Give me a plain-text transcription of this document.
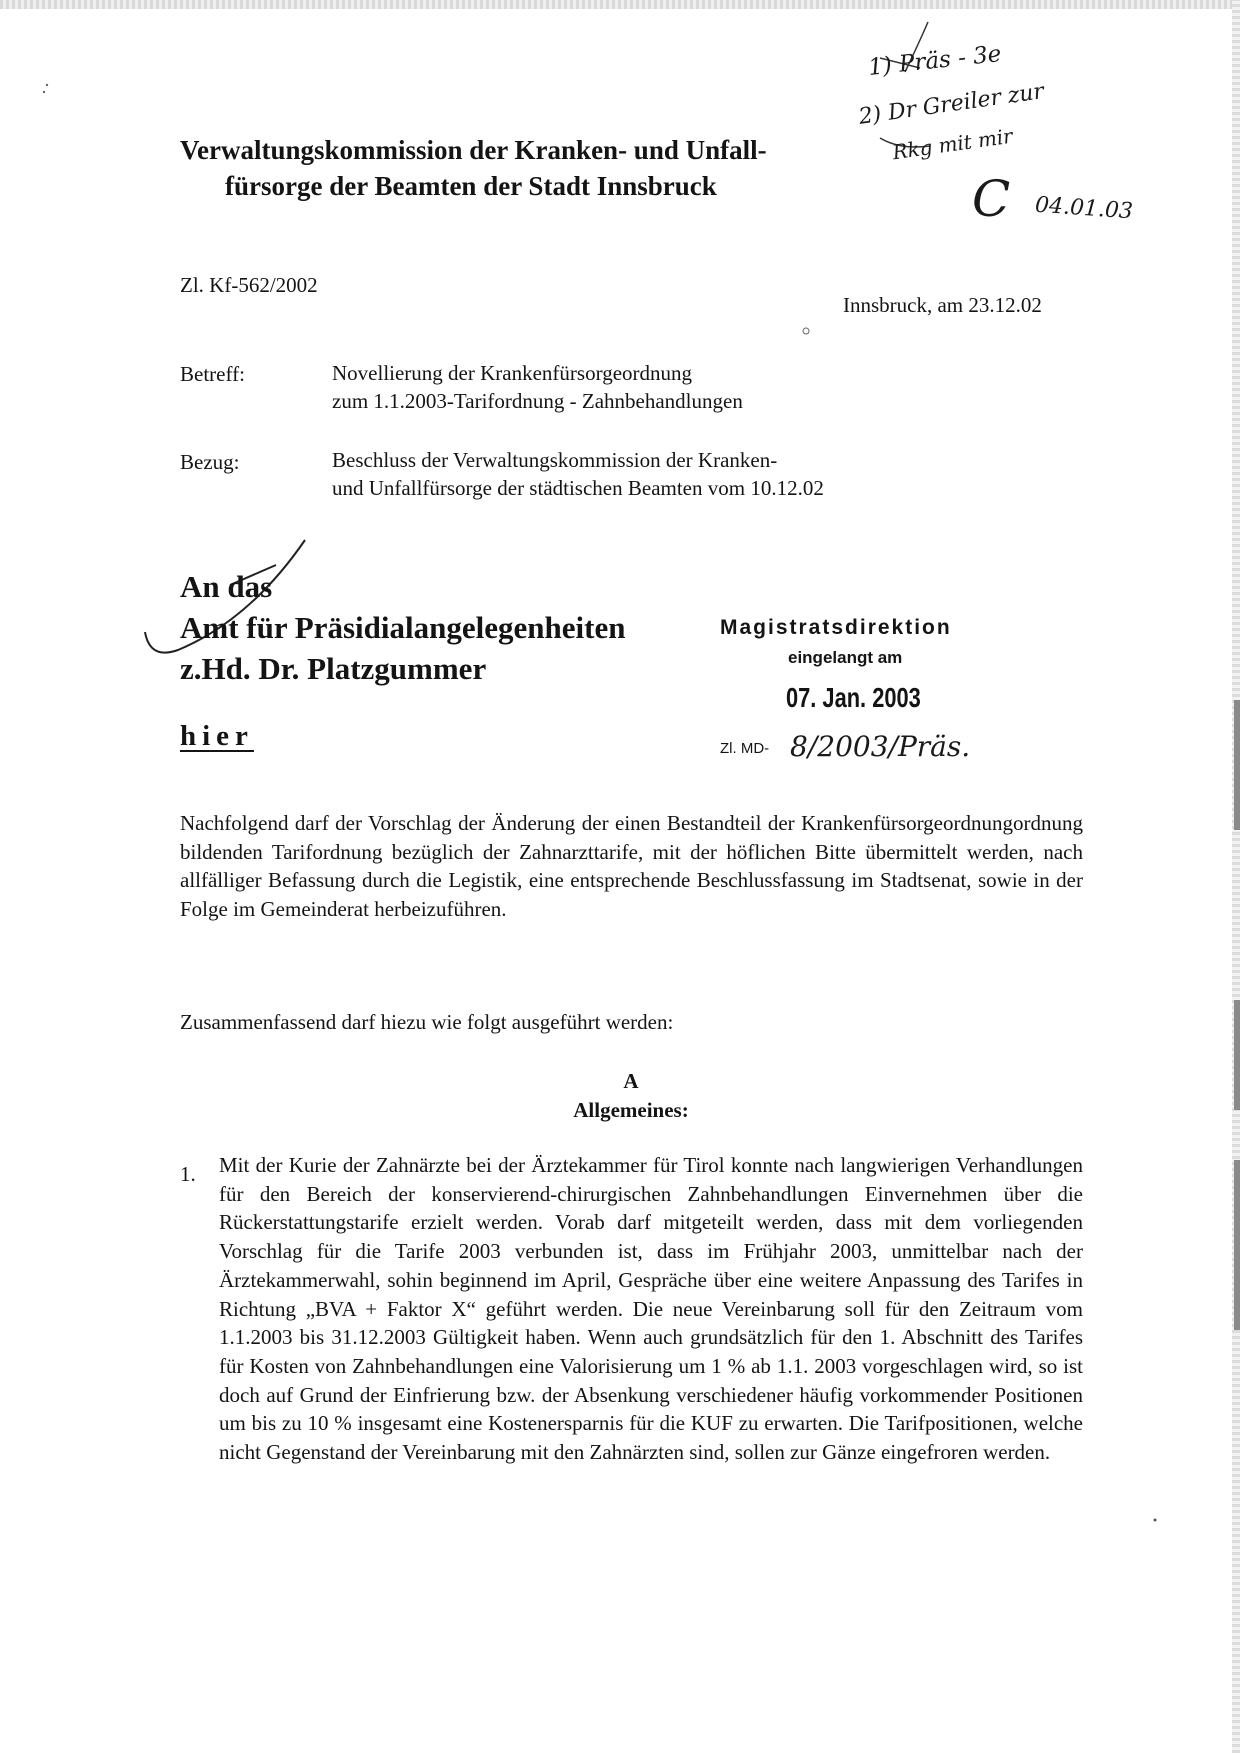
1) Präs - 3e
2) Dr Greiler zur
Rkg mit mir
C 04.01.03
Verwaltungskommission der Kranken- und Unfall-
fürsorge der Beamten der Stadt Innsbruck
Zl. Kf-562/2002
Innsbruck, am 23.12.02
Betreff:	Novellierung der Krankenfürsorgeordnung
zum 1.1.2003-Tarifordnung - Zahnbehandlungen
Bezug:	Beschluss der Verwaltungskommission der Kranken-
und Unfallfürsorge der städtischen Beamten vom 10.12.02
An das
Amt für Präsidialangelegenheiten
z.Hd. Dr. Platzgummer
hier
Magistratsdirektion
eingelangt am
07. Jan. 2003
Zl. MD- 8/2003/Präs.
Nachfolgend darf der Vorschlag der Änderung der einen Bestandteil der Krankenfürsorgeordnungordnung bildenden Tarifordnung bezüglich der Zahnarzttarife, mit der höflichen Bitte übermittelt werden, nach allfälliger Befassung durch die Legistik, eine entsprechende Beschlussfassung im Stadtsenat, sowie in der Folge im Gemeinderat herbeizuführen.
Zusammenfassend darf hiezu wie folgt ausgeführt werden:
A
Allgemeines:
1. Mit der Kurie der Zahnärzte bei der Ärztekammer für Tirol konnte nach langwierigen Verhandlungen für den Bereich der konservierend-chirurgischen Zahnbehandlungen Einvernehmen über die Rückerstattungstarife erzielt werden. Vorab darf mitgeteilt werden, dass mit dem vorliegenden Vorschlag für die Tarife 2003 verbunden ist, dass im Frühjahr 2003, unmittelbar nach der Ärztekammerwahl, sohin beginnend im April, Gespräche über eine weitere Anpassung des Tarifes in Richtung „BVA + Faktor X“ geführt werden. Die neue Vereinbarung soll für den Zeitraum vom 1.1.2003 bis 31.12.2003 Gültigkeit haben. Wenn auch grundsätzlich für den 1. Abschnitt des Tarifes für Kosten von Zahnbehandlungen eine Valorisierung um 1 % ab 1.1. 2003 vorgeschlagen wird, so ist doch auf Grund der Einfrierung bzw. der Absenkung verschiedener häufig vorkommender Positionen um bis zu 10 % insgesamt eine Kostenersparnis für die KUF zu erwarten. Die Tarifpositionen, welche nicht Gegenstand der Vereinbarung mit den Zahnärzten sind, sollen zur Gänze eingefroren werden.
